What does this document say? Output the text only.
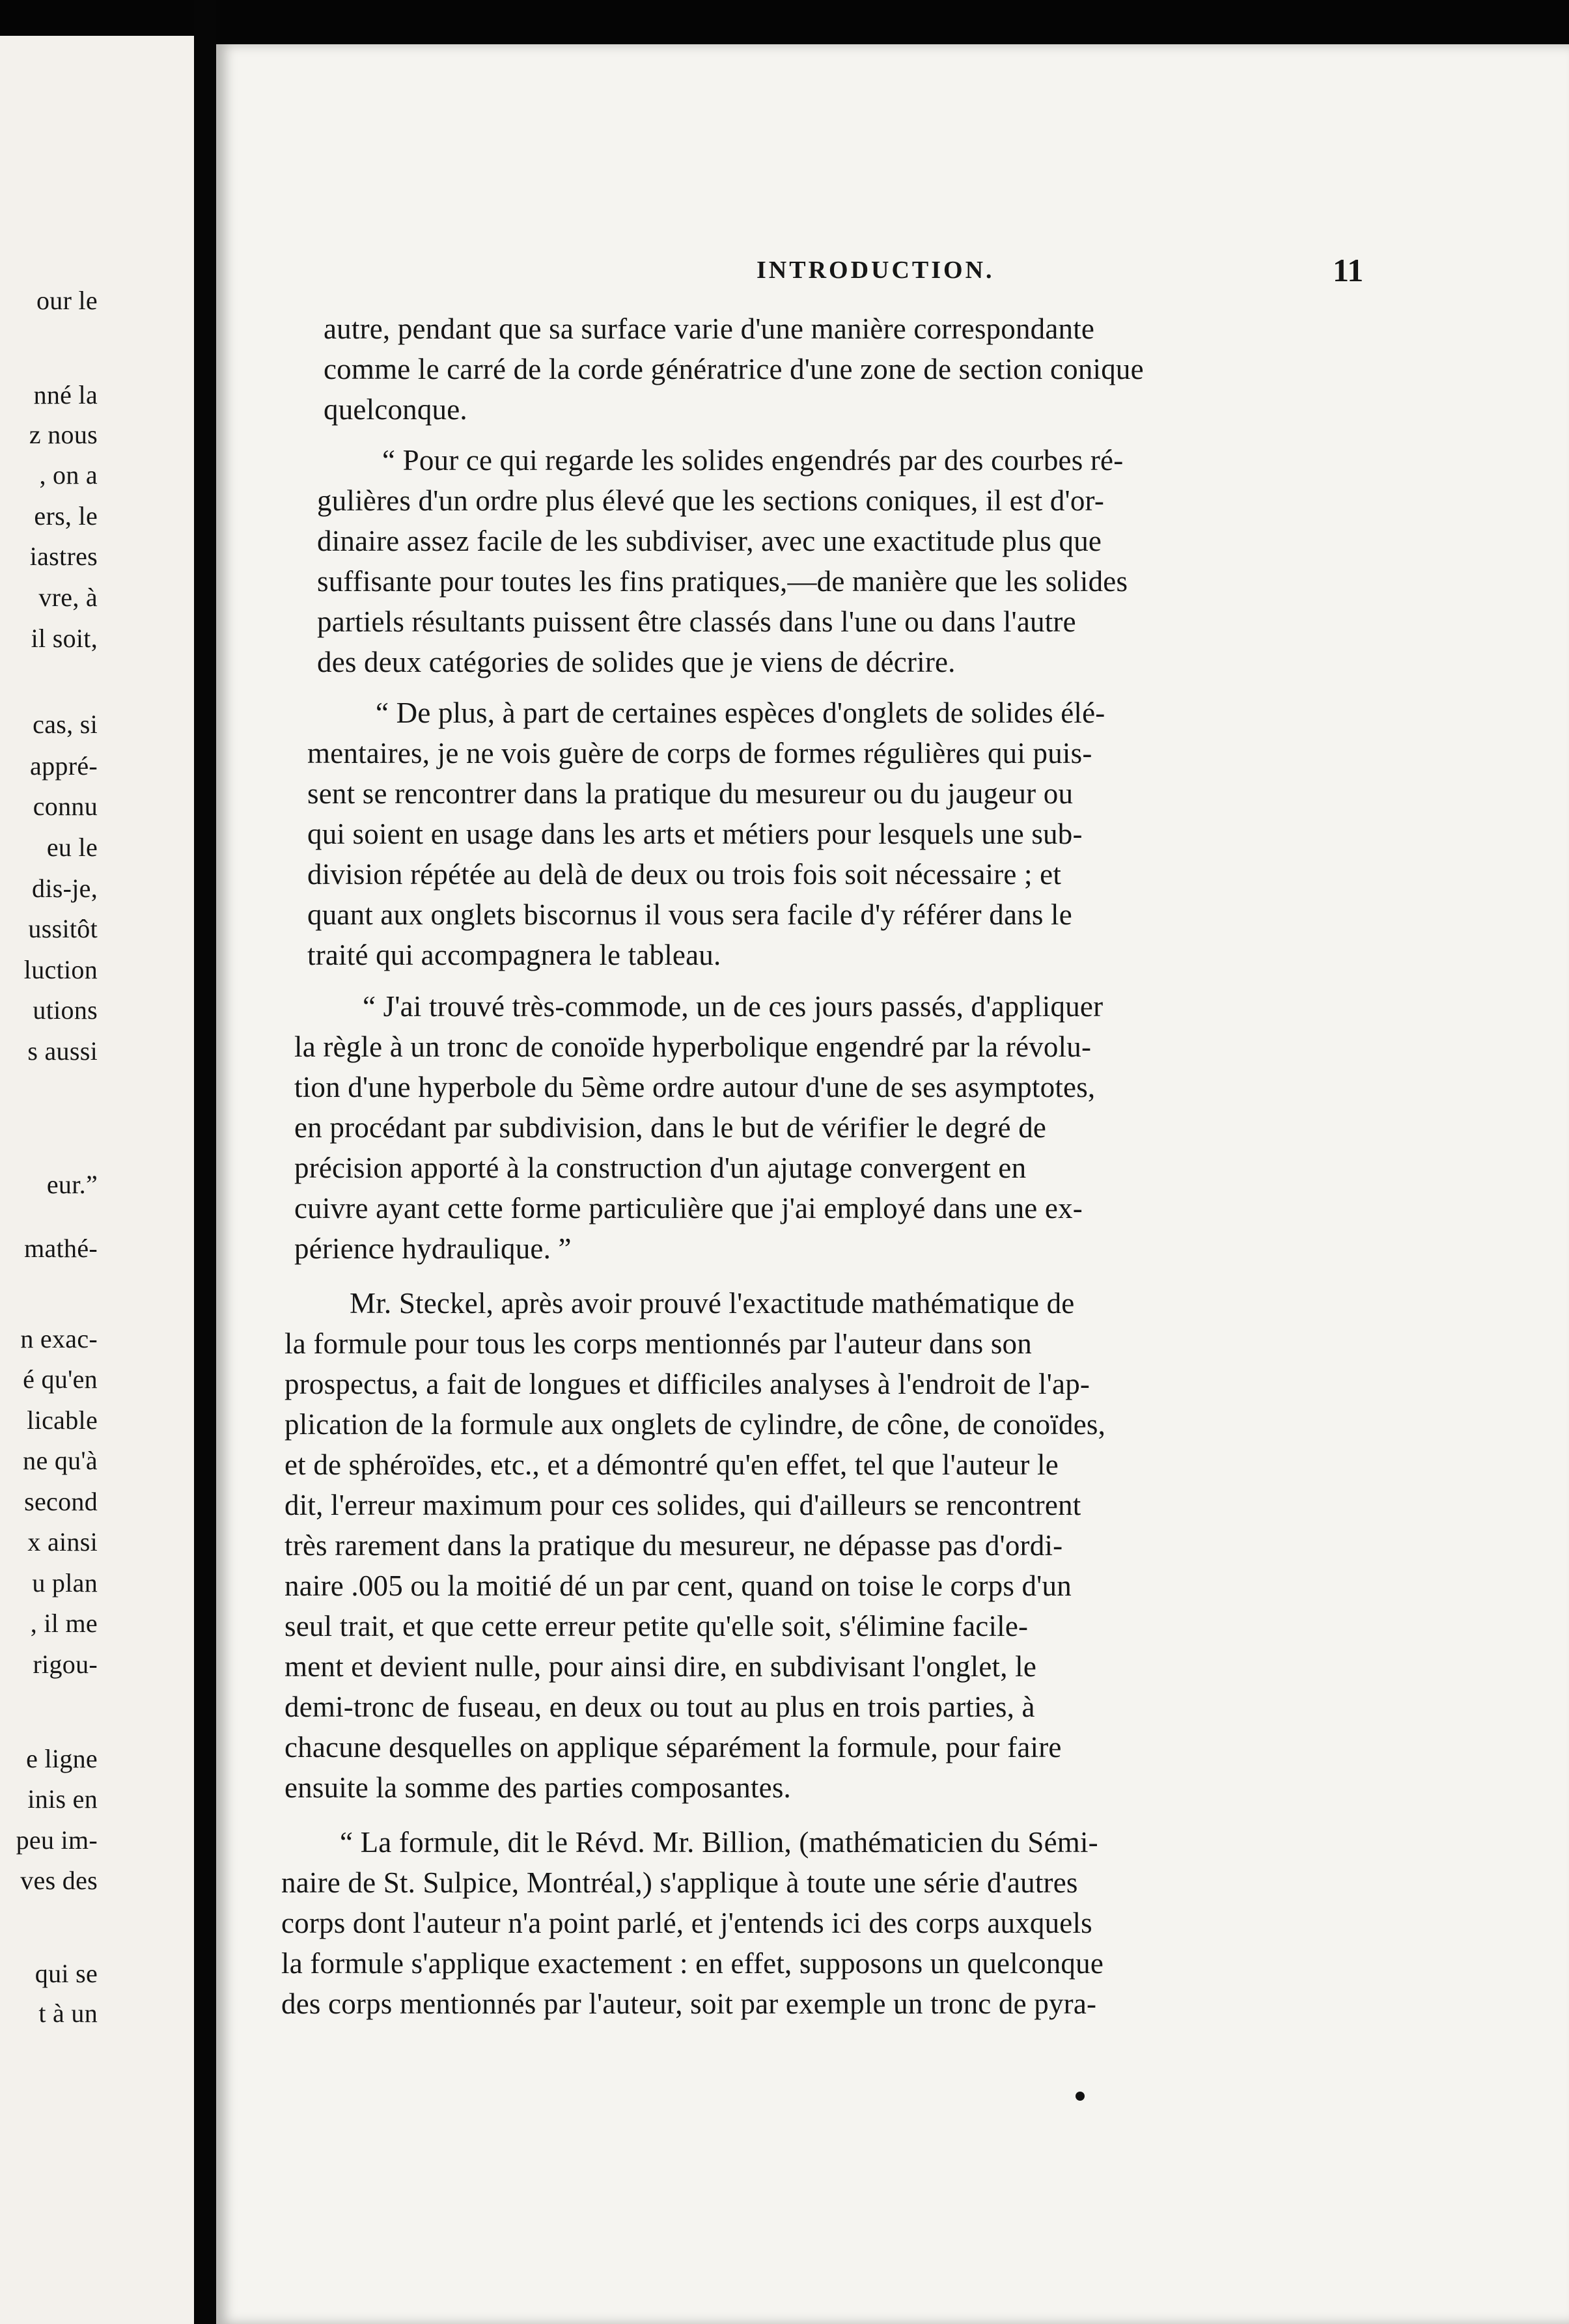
our le
nné la
z nous
, on a
ers, le
iastres
vre, à
il soit,
cas, si
appré-
connu
eu le
dis-je,
ussitôt
luction
utions
s aussi
eur.”
mathé-
n exac-
é qu'en
licable
ne qu'à
second
x ainsi
u plan
, il me
rigou-
e ligne
inis en
peu im-
ves des
qui se
t à un
INTRODUCTION.	11
autre, pendant que sa surface varie d'une manière correspondante
comme le carré de la corde génératrice d'une zone de section conique
quelconque.
“ Pour ce qui regarde les solides engendrés par des courbes ré-
gulières d'un ordre plus élevé que les sections coniques, il est d'or-
dinaire assez facile de les subdiviser, avec une exactitude plus que
suffisante pour toutes les fins pratiques,—de manière que les solides
partiels résultants puissent être classés dans l'une ou dans l'autre
des deux catégories de solides que je viens de décrire.
“ De plus, à part de certaines espèces d'onglets de solides élé-
mentaires, je ne vois guère de corps de formes régulières qui puis-
sent se rencontrer dans la pratique du mesureur ou du jaugeur ou
qui soient en usage dans les arts et métiers pour lesquels une sub-
division répétée au delà de deux ou trois fois soit nécessaire ; et
quant aux onglets biscornus il vous sera facile d'y référer dans le
traité qui accompagnera le tableau.
“ J'ai trouvé très-commode, un de ces jours passés, d'appliquer
la règle à un tronc de conoïde hyperbolique engendré par la révolu-
tion d'une hyperbole du 5ème ordre autour d'une de ses asymptotes,
en procédant par subdivision, dans le but de vérifier le degré de
précision apporté à la construction d'un ajutage convergent en
cuivre ayant cette forme particulière que j'ai employé dans une ex-
périence hydraulique. ”
Mr. Steckel, après avoir prouvé l'exactitude mathématique de
la formule pour tous les corps mentionnés par l'auteur dans son
prospectus, a fait de longues et difficiles analyses à l'endroit de l'ap-
plication de la formule aux onglets de cylindre, de cône, de conoïdes,
et de sphéroïdes, etc., et a démontré qu'en effet, tel que l'auteur le
dit, l'erreur maximum pour ces solides, qui d'ailleurs se rencontrent
très rarement dans la pratique du mesureur, ne dépasse pas d'ordi-
naire .005 ou la moitié dé un par cent, quand on toise le corps d'un
seul trait, et que cette erreur petite qu'elle soit, s'élimine facile-
ment et devient nulle, pour ainsi dire, en subdivisant l'onglet, le
demi-tronc de fuseau, en deux ou tout au plus en trois parties, à
chacune desquelles on applique séparément la formule, pour faire
ensuite la somme des parties composantes.
“ La formule, dit le Révd. Mr. Billion, (mathématicien du Sémi-
naire de St. Sulpice, Montréal,) s'applique à toute une série d'autres
corps dont l'auteur n'a point parlé, et j'entends ici des corps auxquels
la formule s'applique exactement : en effet, supposons un quelconque
des corps mentionnés par l'auteur, soit par exemple un tronc de pyra-
